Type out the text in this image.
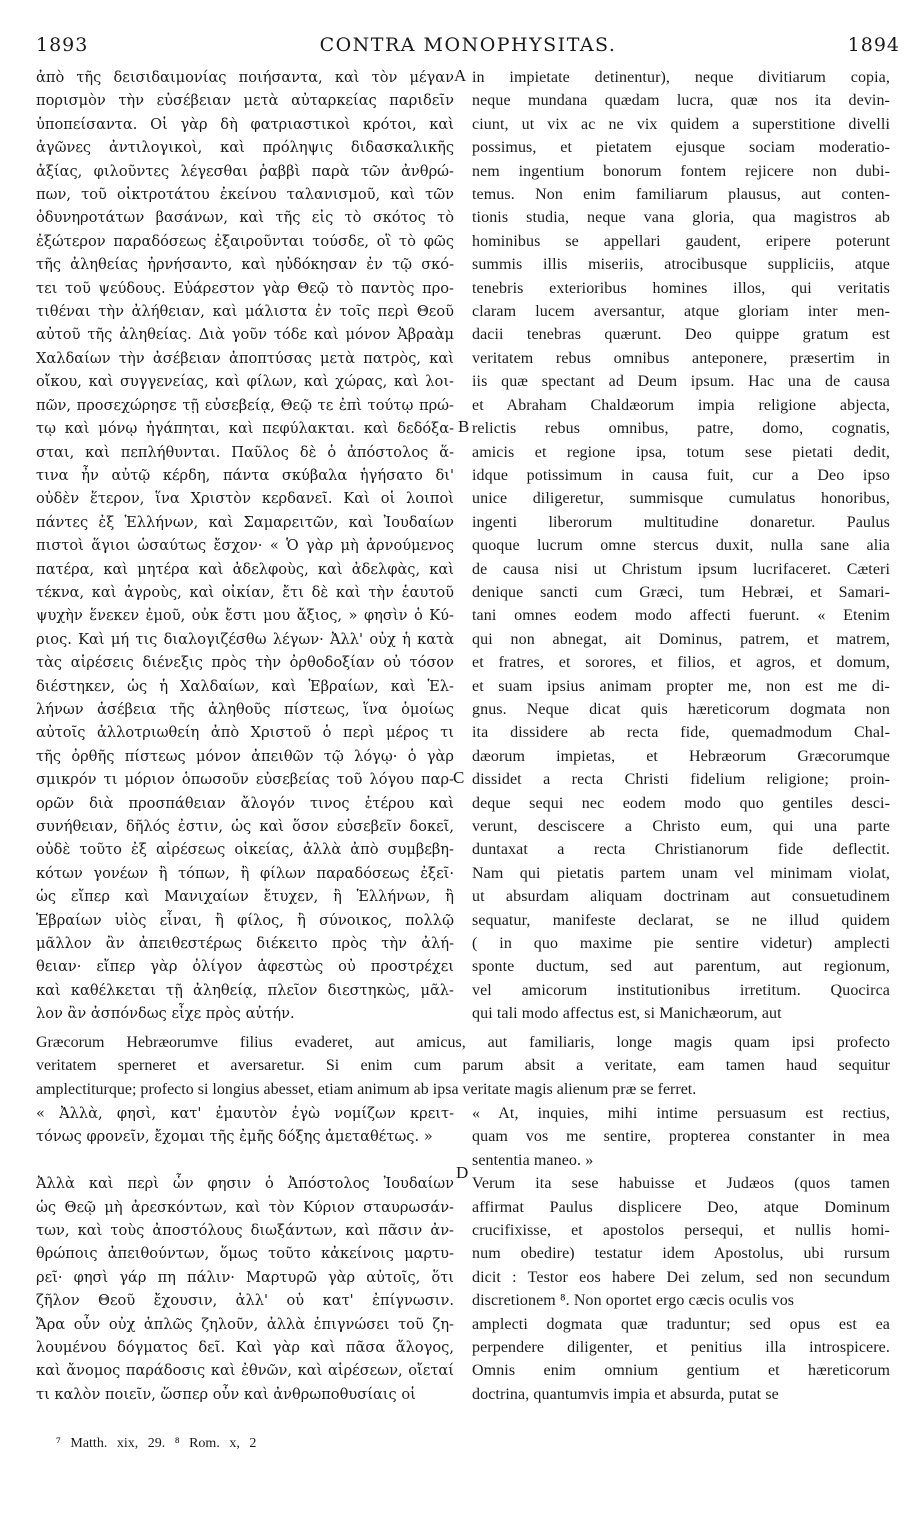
1893	CONTRA MONOPHYSITAS.	1894
ἀπὸ τῆς δεισιδαιμονίας ποιήσαντα, καὶ τὸν μέγαν
πορισμὸν τὴν εὐσέβειαν μετὰ αὐταρκείας παριδεῖν
ὑποπείσαντα. Οἱ γὰρ δὴ φατριαστικοὶ κρότοι, καὶ
ἀγῶνες ἀντιλογικοὶ, καὶ πρόληψις διδασκαλικῆς
ἀξίας, φιλοῦντες λέγεσθαι ῥαββὶ παρὰ τῶν ἀνθρώ-
πων, τοῦ οἰκτροτάτου ἐκείνου ταλανισμοῦ, καὶ τῶν
ὀδυνηροτάτων βασάνων, καὶ τῆς εἰς τὸ σκότος τὸ
ἐξώτερον παραδόσεως ἐξαιροῦνται τούσδε, οἳ τὸ φῶς
τῆς ἀληθείας ἠρνήσαντο, καὶ ηὐδόκησαν ἐν τῷ σκό-
τει τοῦ ψεύδους. Εὐάρεστον γὰρ Θεῷ τὸ παντὸς προ-
τιθέναι τὴν ἀλήθειαν, καὶ μάλιστα ἐν τοῖς περὶ Θεοῦ
αὐτοῦ τῆς ἀληθείας. Διὰ γοῦν τόδε καὶ μόνον Ἀβραὰμ
Χαλδαίων τὴν ἀσέβειαν ἀποπτύσας μετὰ πατρὸς, καὶ
οἴκου, καὶ συγγενείας, καὶ φίλων, καὶ χώρας, καὶ λοι-
πῶν, προσεχώρησε τῇ εὐσεβείᾳ, Θεῷ τε ἐπὶ τούτῳ πρώ-
τῳ καὶ μόνῳ ἠγάπηται, καὶ πεφύλακται. καὶ δεδόξα-
σται, καὶ πεπλήθυνται. Παῦλος δὲ ὁ ἀπόστολος ἅ-
τινα ἦν αὐτῷ κέρδη, πάντα σκύβαλα ἡγήσατο δι'
οὐδὲν ἕτερον, ἵνα Χριστὸν κερδανεῖ. Καὶ οἱ λοιποὶ
πάντες ἐξ Ἑλλήνων, καὶ Σαμαρειτῶν, καὶ Ἰουδαίων
πιστοὶ ἅγιοι ὡσαύτως ἔσχον· « Ὁ γὰρ μὴ ἀρνούμενος
πατέρα, καὶ μητέρα καὶ ἀδελφοὺς, καὶ ἀδελφὰς, καὶ
τέκνα, καὶ ἀγροὺς, καὶ οἰκίαν, ἔτι δὲ καὶ τὴν ἑαυτοῦ
ψυχὴν ἕνεκεν ἐμοῦ, οὐκ ἔστι μου ἄξιος, » φησὶν ὁ Κύ-
ριος. Καὶ μή τις διαλογιζέσθω λέγων· Ἀλλ' οὐχ ἡ κατὰ
τὰς αἱρέσεις διένεξις πρὸς τὴν ὀρθοδοξίαν οὐ τόσον
διέστηκεν, ὡς ἡ Χαλδαίων, καὶ Ἑβραίων, καὶ Ἑλ-
λήνων ἀσέβεια τῆς ἀληθοῦς πίστεως, ἵνα ὁμοίως
αὐτοῖς ἀλλοτριωθείη ἀπὸ Χριστοῦ ὁ περὶ μέρος τι
τῆς ὀρθῆς πίστεως μόνον ἀπειθῶν τῷ λόγῳ· ὁ γὰρ
σμικρόν τι μόριον ὁπωσοῦν εὐσεβείας τοῦ λόγου παρ-
ορῶν διὰ προσπάθειαν ἄλογόν τινος ἑτέρου καὶ
συνήθειαν, δῆλός ἐστιν, ὡς καὶ ὅσον εὐσεβεῖν δοκεῖ,
οὐδὲ τοῦτο ἐξ αἱρέσεως οἰκείας, ἀλλὰ ἀπὸ συμβεβη-
κότων γονέων ἢ τόπων, ἢ φίλων παραδόσεως ἐξεῖ·
ὡς εἴπερ καὶ Μανιχαίων ἔτυχεν, ἢ Ἑλλήνων, ἢ
Ἑβραίων υἱὸς εἶναι, ἢ φίλος, ἢ σύνοικος, πολλῷ
μᾶλλον ἂν ἀπειθεστέρως διέκειτο πρὸς τὴν ἀλή-
θειαν· εἴπερ γὰρ ὀλίγον ἀφεστὼς οὐ προστρέχει
καὶ καθέλκεται τῇ ἀληθείᾳ, πλεῖον διεστηκὼς, μᾶλ-
λον ἂν ἀσπόνδως εἶχε πρὸς αὐτήν.
in impietate detinentur), neque divitiarum copia,
neque mundana quædam lucra, quæ nos ita devin-
ciunt, ut vix ac ne vix quidem a superstitione divelli
possimus, et pietatem ejusque sociam moderatio-
nem ingentium bonorum fontem rejicere non dubi-
temus. Non enim familiarum plausus, aut conten-
tionis studia, neque vana gloria, qua magistros ab
hominibus se appellari gaudent, eripere poterunt
summis illis miseriis, atrocibusque suppliciis, atque
tenebris exterioribus homines illos, qui veritatis
claram lucem aversantur, atque gloriam inter men-
dacii tenebras quærunt. Deo quippe gratum est
veritatem rebus omnibus anteponere, præsertim in
iis quæ spectant ad Deum ipsum. Hac una de causa
et Abraham Chaldæorum impia religione abjecta,
relictis rebus omnibus, patre, domo, cognatis,
amicis et regione ipsa, totum sese pietati dedit,
idque potissimum in causa fuit, cur a Deo ipso
unice diligeretur, summisque cumulatus honoribus,
ingenti liberorum multitudine donaretur. Paulus
quoque lucrum omne stercus duxit, nulla sane alia
de causa nisi ut Christum ipsum lucrifaceret. Cæteri
denique sancti cum Græci, tum Hebræi, et Samari-
tani omnes eodem modo affecti fuerunt. « Etenim
qui non abnegat, ait Dominus, patrem, et matrem,
et fratres, et sorores, et filios, et agros, et domum,
et suam ipsius animam propter me, non est me di-
gnus. Neque dicat quis hæreticorum dogmata non
ita dissidere ab recta fide, quemadmodum Chal-
dæorum impietas, et Hebræorum Græcorumque
dissidet a recta Christi fidelium religione; proin-
deque sequi nec eodem modo quo gentiles desci-
verunt, desciscere a Christo eum, qui una parte
duntaxat a recta Christianorum fide deflectit.
Nam qui pietatis partem unam vel minimam violat,
ut absurdam aliquam doctrinam aut consuetudinem
sequatur, manifeste declarat, se ne illud quidem
( in quo maxime pie sentire videtur) amplecti
sponte ductum, sed aut parentum, aut regionum,
vel amicorum institutionibus irretitum. Quocirca
qui tali modo affectus est, si Manichæorum, aut
A
B
C
D
Græcorum Hebræorumve filius evaderet, aut amicus, aut familiaris, longe magis quam ipsi profecto
veritatem sperneret et aversaretur. Si enim cum parum absit a veritate, eam tamen haud sequitur
amplectiturque; profecto si longius abesset, etiam animum ab ipsa veritate magis alienum præ se ferret.
« Ἀλλὰ, φησὶ, κατ' ἐμαυτὸν ἐγὼ νομίζων κρειτ-
τόνως φρονεῖν, ἔχομαι τῆς ἐμῆς δόξης ἀμεταθέτως. »
Ἀλλὰ καὶ περὶ ὧν φησιν ὁ Ἀπόστολος Ἰουδαίων
ὡς Θεῷ μὴ ἀρεσκόντων, καὶ τὸν Κύριον σταυρωσάν-
των, καὶ τοὺς ἀποστόλους διωξάντων, καὶ πᾶσιν ἀν-
θρώποις ἀπειθούντων, ὅμως τοῦτο κἀκείνοις μαρτυ-
ρεῖ· φησὶ γάρ πη πάλιν· Μαρτυρῶ γὰρ αὐτοῖς, ὅτι
ζῆλον Θεοῦ ἔχουσιν, ἀλλ' οὐ κατ' ἐπίγνωσιν.
Ἄρα οὖν οὐχ ἁπλῶς ζηλοῦν, ἀλλὰ ἐπιγνώσει τοῦ ζη-
λουμένου δόγματος δεῖ. Καὶ γὰρ καὶ πᾶσα ἄλογος,
καὶ ἄνομος παράδοσις καὶ ἐθνῶν, καὶ αἱρέσεων, οἴεταί
τι καλὸν ποιεῖν, ὥσπερ οὖν καὶ ἀνθρωποθυσίαις οἱ
« At, inquies, mihi intime persuasum est rectius,
quam vos me sentire, propterea constanter in mea
sententia maneo. »
Verum ita sese habuisse et Judæos (quos tamen
affirmat Paulus displicere Deo, atque Dominum
crucifixisse, et apostolos persequi, et nullis homi-
num obedire) testatur idem Apostolus, ubi rursum
dicit : Testor eos habere Dei zelum, sed non secundum
discretionem ⁸. Non oportet ergo cæcis oculis vos
amplecti dogmata quæ traduntur; sed opus est ea
perpendere diligenter, et penitius illa introspicere.
Omnis enim omnium gentium et hæreticorum
doctrina, quantumvis impia et absurda, putat se
⁷ Matth. xix, 29. ⁸ Rom. x, 2
